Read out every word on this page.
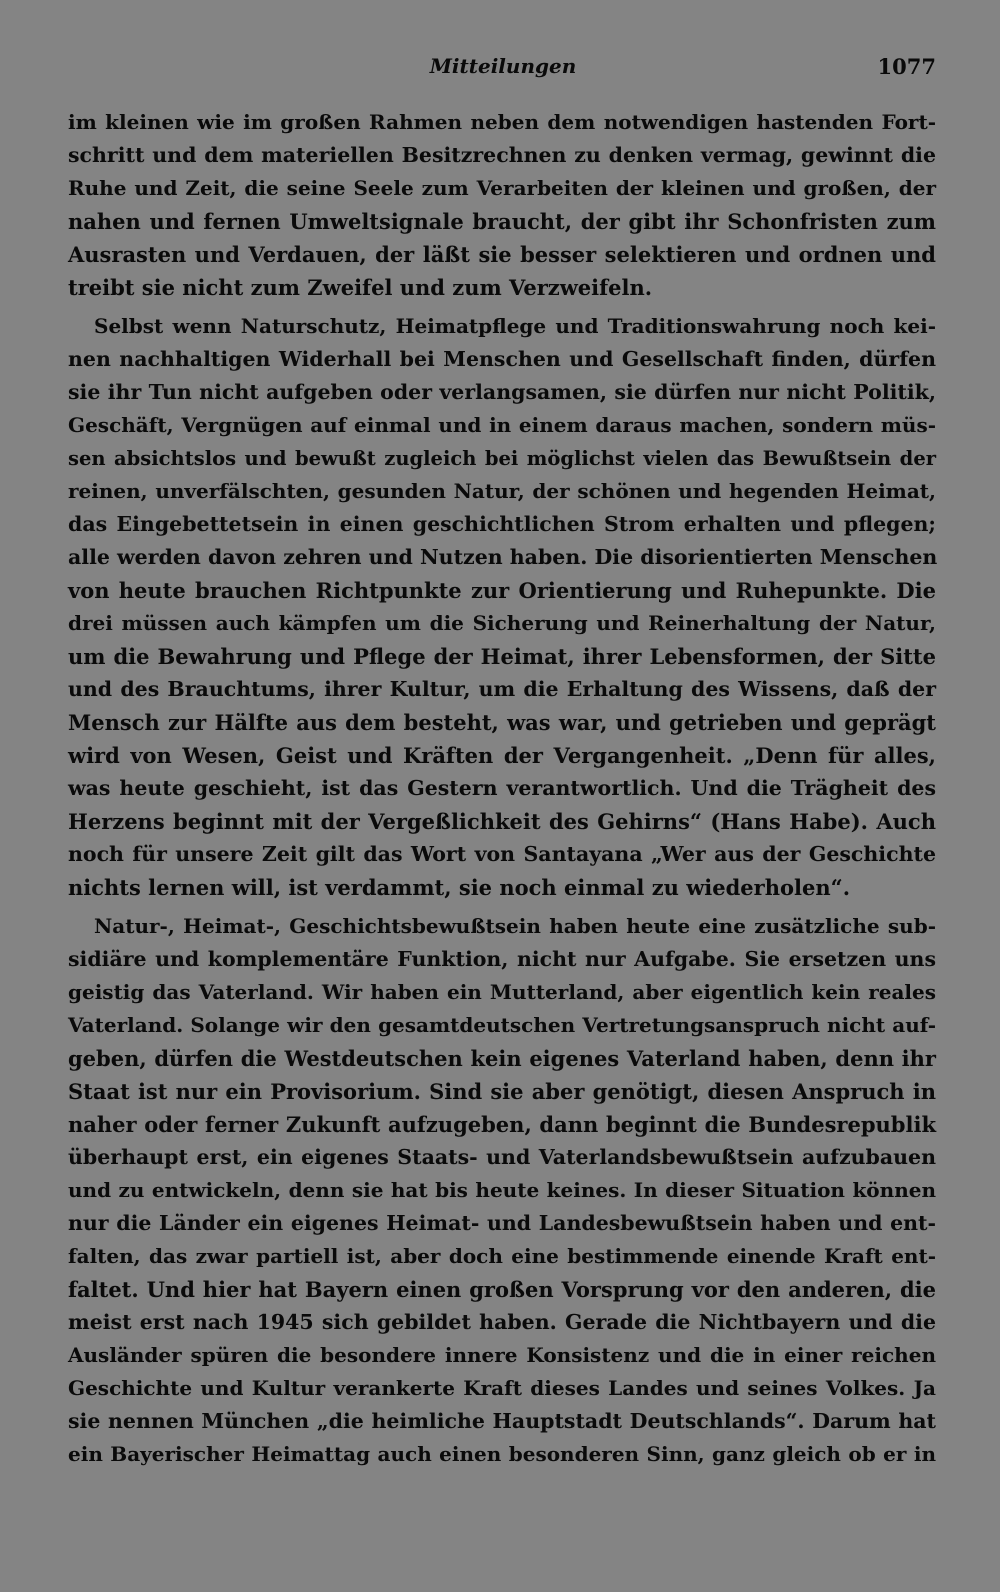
Mitteilungen	1077
im kleinen wie im großen Rahmen neben dem notwendigen hastenden Fort-
schritt und dem materiellen Besitzrechnen zu denken vermag, gewinnt die
Ruhe und Zeit, die seine Seele zum Verarbeiten der kleinen und großen, der
nahen und fernen Umweltsignale braucht, der gibt ihr Schonfristen zum
Ausrasten und Verdauen, der läßt sie besser selektieren und ordnen und
treibt sie nicht zum Zweifel und zum Verzweifeln.
Selbst wenn Naturschutz, Heimatpflege und Traditionswahrung noch kei-
nen nachhaltigen Widerhall bei Menschen und Gesellschaft finden, dürfen
sie ihr Tun nicht aufgeben oder verlangsamen, sie dürfen nur nicht Politik,
Geschäft, Vergnügen auf einmal und in einem daraus machen, sondern müs-
sen absichtslos und bewußt zugleich bei möglichst vielen das Bewußtsein der
reinen, unverfälschten, gesunden Natur, der schönen und hegenden Heimat,
das Eingebettetsein in einen geschichtlichen Strom erhalten und pflegen;
alle werden davon zehren und Nutzen haben. Die disorientierten Menschen
von heute brauchen Richtpunkte zur Orientierung und Ruhepunkte. Die
drei müssen auch kämpfen um die Sicherung und Reinerhaltung der Natur,
um die Bewahrung und Pflege der Heimat, ihrer Lebensformen, der Sitte
und des Brauchtums, ihrer Kultur, um die Erhaltung des Wissens, daß der
Mensch zur Hälfte aus dem besteht, was war, und getrieben und geprägt
wird von Wesen, Geist und Kräften der Vergangenheit. „Denn für alles,
was heute geschieht, ist das Gestern verantwortlich. Und die Trägheit des
Herzens beginnt mit der Vergeßlichkeit des Gehirns“ (Hans Habe). Auch
noch für unsere Zeit gilt das Wort von Santayana „Wer aus der Geschichte
nichts lernen will, ist verdammt, sie noch einmal zu wiederholen“.
Natur-, Heimat-, Geschichtsbewußtsein haben heute eine zusätzliche sub-
sidiäre und komplementäre Funktion, nicht nur Aufgabe. Sie ersetzen uns
geistig das Vaterland. Wir haben ein Mutterland, aber eigentlich kein reales
Vaterland. Solange wir den gesamtdeutschen Vertretungsanspruch nicht auf-
geben, dürfen die Westdeutschen kein eigenes Vaterland haben, denn ihr
Staat ist nur ein Provisorium. Sind sie aber genötigt, diesen Anspruch in
naher oder ferner Zukunft aufzugeben, dann beginnt die Bundesrepublik
überhaupt erst, ein eigenes Staats- und Vaterlandsbewußtsein aufzubauen
und zu entwickeln, denn sie hat bis heute keines. In dieser Situation können
nur die Länder ein eigenes Heimat- und Landesbewußtsein haben und ent-
falten, das zwar partiell ist, aber doch eine bestimmende einende Kraft ent-
faltet. Und hier hat Bayern einen großen Vorsprung vor den anderen, die
meist erst nach 1945 sich gebildet haben. Gerade die Nichtbayern und die
Ausländer spüren die besondere innere Konsistenz und die in einer reichen
Geschichte und Kultur verankerte Kraft dieses Landes und seines Volkes. Ja
sie nennen München „die heimliche Hauptstadt Deutschlands“. Darum hat
ein Bayerischer Heimattag auch einen besonderen Sinn, ganz gleich ob er in
